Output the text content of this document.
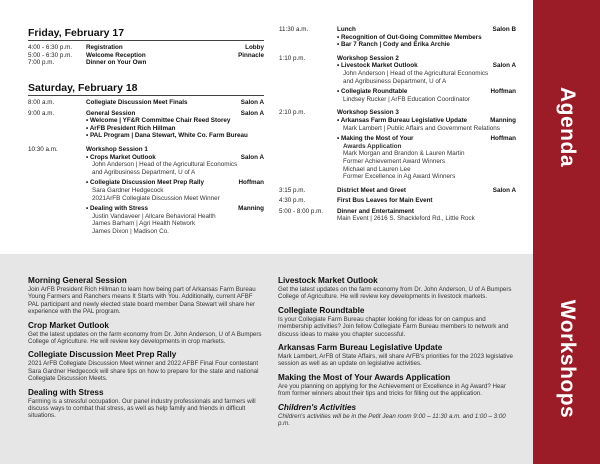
Friday, February 17
4:00 - 6:30 p.m.	Registration	Lobby
5:00 - 6:30 p.m.	Welcome Reception	Pinnacle
7:00 p.m.	Dinner on Your Own
Saturday, February 18
8:00 a.m.	Collegiate Discussion Meet Finals	Salon A
9:00 a.m.	General Session	Salon A
• Welcome | YF&R Committee Chair Reed Storey
• ArFB President Rich Hillman
• PAL Program | Dana Stewart, White Co. Farm Bureau
10:30 a.m.	Workshop Session 1
• Crops Market Outlook	Salon A
John Anderson | Head of the Agricultural Economics
and Agribusiness Department, U of A
• Collegiate Discussion Meet Prep Rally	Hoffman
Sara Gardner Hedgecock
2021ArFB Collegiate Discussion Meet Winner
• Dealing with Stress	Manning
Justin Vandaveer | Allcare Behavioral Health
James Barham | Agri Health Network
James Dixon | Madison Co.
11:30 a.m.	Lunch	Salon B
• Recognition of Out-Going Committee Members
• Bar 7 Ranch | Cody and Erika Archie
1:10 p.m.	Workshop Session 2
• Livestock Market Outlook	Salon A
John Anderson | Head of the Agricultural Economics
and Agribusiness Department, U of A
• Collegiate Roundtable	Hoffman
Lindsey Rucker | ArFB Education Coordinator
2:10 p.m.	Workshop Session 3
• Arkansas Farm Bureau Legislative Update	Manning
Mark Lambert | Public Affairs and Government Relations
• Making the Most of Your	Hoffman
Awards Application
Mark Morgan and Brandon & Lauren Martin
Former Achievement Award Winners
Michael and Lauren Lee
Former Excellence in Ag Award Winners
3:15 p.m.	District Meet and Greet	Salon A
4:30 p.m.	First Bus Leaves for Main Event
5:00 - 8:00 p.m.	Dinner and Entertainment
Main Event | 2616 S. Shackleford Rd., Little Rock
Agenda
Morning General Session
Join ArFB President Rich Hillman to learn how being part of Arkansas Farm Bureau Young Farmers and Ranchers means It Starts with You. Additionally, current AFBF PAL participant and newly elected state board member Dana Stewart will share her experience with the PAL program.
Crop Market Outlook
Get the latest updates on the farm economy from Dr. John Anderson, U of A Bumpers College of Agriculture. He will review key developments in crop markets.
Collegiate Discussion Meet Prep Rally
2021 ArFB Collegiate Discussion Meet winner and 2022 AFBF Final Four contestant Sara Gardner Hedgecock will share tips on how to prepare for the state and national Collegiate Discussion Meets.
Dealing with Stress
Farming is a stressful occupation. Our panel industry professionals and farmers will discuss ways to combat that stress, as well as help family and friends in difficult situations.
Livestock Market Outlook
Get the latest updates on the farm economy from Dr. John Anderson, U of A Bumpers College of Agriculture. He will review key developments in livestock markets.
Collegiate Roundtable
Is your Collegiate Farm Bureau chapter looking for ideas for on campus and membership activities? Join fellow Collegiate Farm Bureau members to network and discuss ideas to make you chapter successful.
Arkansas Farm Bureau Legislative Update
Mark Lambert, ArFB of State Affairs, will share ArFB's priorities for the 2023 legislative session as well as an update on legislative activities.
Making the Most of Your Awards Application
Are you planning on applying for the Achievement or Excellence in Ag Award? Hear from former winners about their tips and tricks for filling out the application.
Children's Activities
Children's activities will be in the Petit Jean room 9:00 – 11:30 a.m. and 1:00 – 3:00 p.m.
Workshops
